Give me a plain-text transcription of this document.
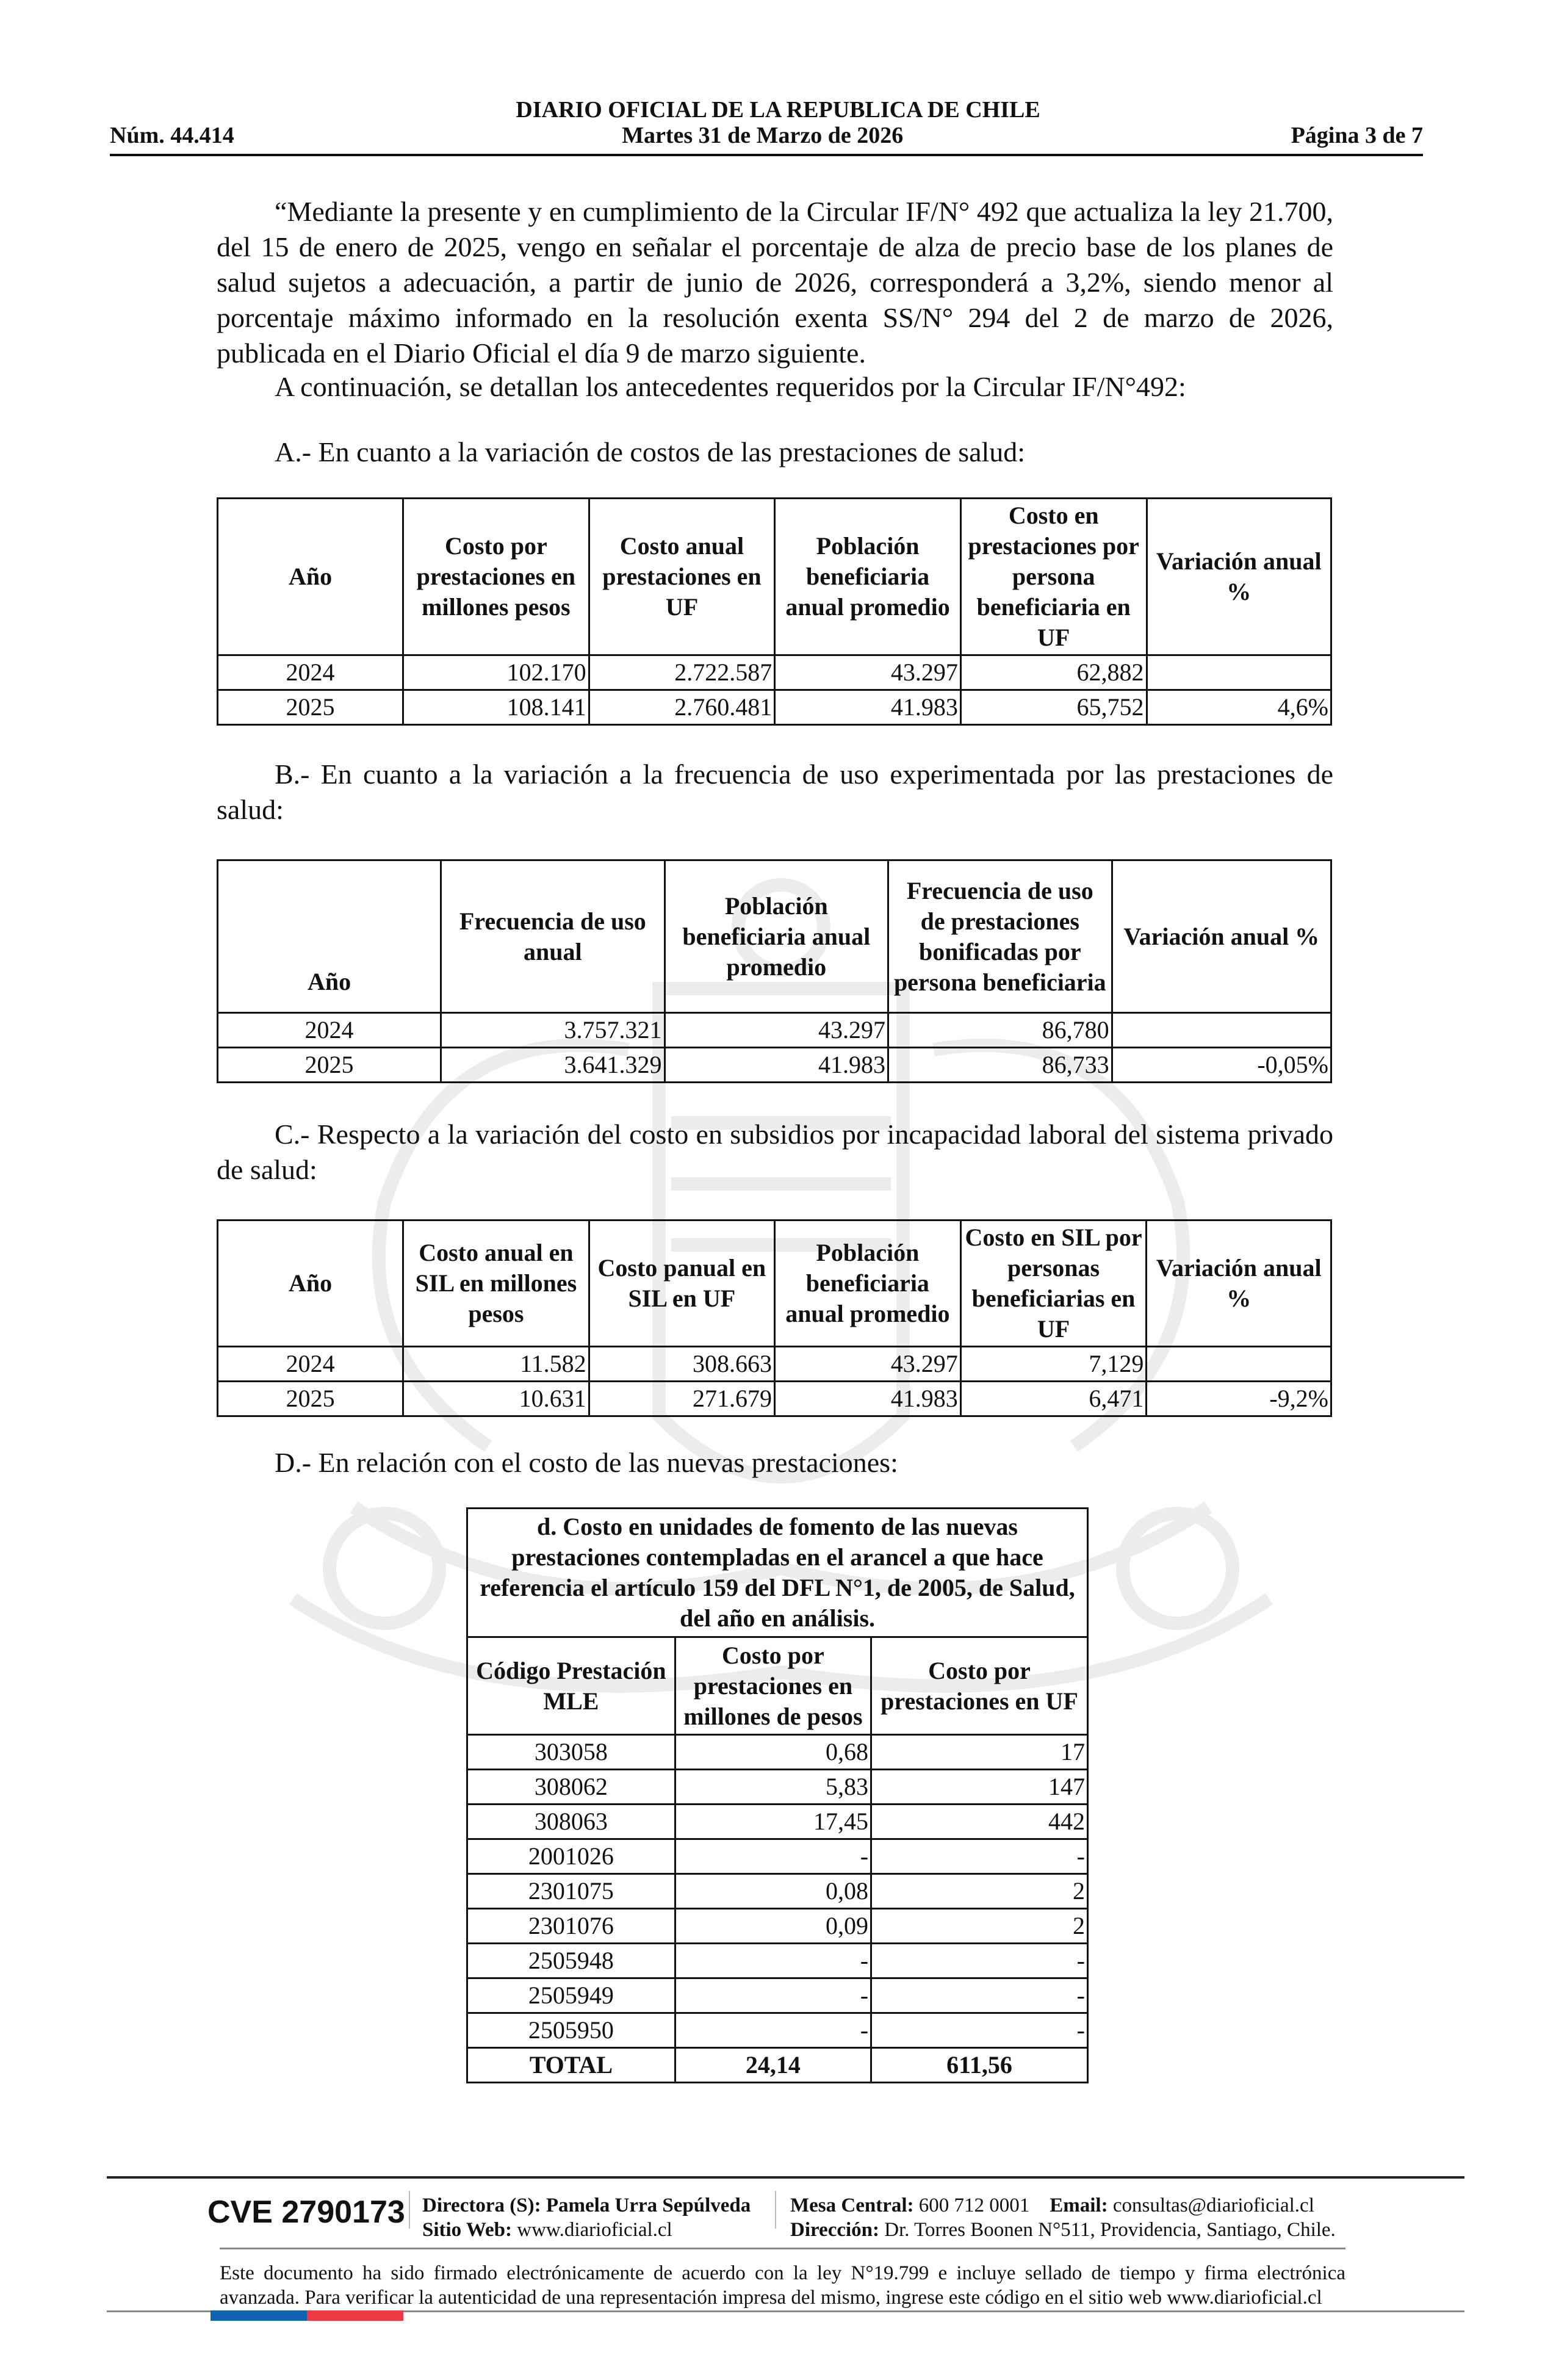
DIARIO OFICIAL DE LA REPUBLICA DE CHILE
Núm. 44.414	Martes 31 de Marzo de 2026	Página 3 de 7

“Mediante la presente y en cumplimiento de la Circular IF/N° 492 que actualiza la ley 21.700, del 15 de enero de 2025, vengo en señalar el porcentaje de alza de precio base de los planes de salud sujetos a adecuación, a partir de junio de 2026, corresponderá a 3,2%, siendo menor al porcentaje máximo informado en la resolución exenta SS/N° 294 del 2 de marzo de 2026, publicada en el Diario Oficial el día 9 de marzo siguiente.

A continuación, se detallan los antecedentes requeridos por la Circular IF/N°492:
A.- En cuanto a la variación de costos de las prestaciones de salud:
Año	Costo por prestaciones en millones pesos	Costo anual prestaciones en UF	Población beneficiaria anual promedio	Costo en prestaciones por persona beneficiaria en UF	Variación anual %
2024	102.170	2.722.587	43.297	62,882	
2025	108.141	2.760.481	41.983	65,752	4,6%

B.- En cuanto a la variación a la frecuencia de uso experimentada por las prestaciones de salud:

Año	Frecuencia de uso anual	Población beneficiaria anual promedio	Frecuencia de uso de prestaciones bonificadas por persona beneficiaria	Variación anual %
2024	3.757.321	43.297	86,780	
2025	3.641.329	41.983	86,733	-0,05%

C.- Respecto a la variación del costo en subsidios por incapacidad laboral del sistema privado de salud:

Año	Costo anual en SIL en millones pesos	Costo panual en SIL en UF	Población beneficiaria anual promedio	Costo en SIL por personas beneficiarias en UF	Variación anual %
2024	11.582	308.663	43.297	7,129	
2025	10.631	271.679	41.983	6,471	-9,2%
D.- En relación con el costo de las nuevas prestaciones:
d. Costo en unidades de fomento de las nuevas prestaciones contempladas en el arancel a que hace referencia el artículo 159 del DFL N°1, de 2005, de Salud, del año en análisis.		
Código Prestación MLE	Costo por prestaciones en millones de pesos	Costo por prestaciones en UF
303058	0,68	17
308062	5,83	147
308063	17,45	442
2001026	-	-
2301075	0,08	2
2301076	0,09	2
2505948	-	-
2505949	-	-
2505950	-	-
TOTAL	24,14	611,56
CVE 2790173 Directora (S): Pamela Urra Sepúlveda
Sitio Web: www.diarioficial.cl
Mesa Central: 600 712 0001 Email: consultas@diarioficial.cl
Dirección: Dr. Torres Boonen N°511, Providencia, Santiago, Chile.

Este documento ha sido firmado electrónicamente de acuerdo con la ley N°19.799 e incluye sellado de tiempo y firma electrónica avanzada. Para verificar la autenticidad de una representación impresa del mismo, ingrese este código en el sitio web www.diarioficial.cl
